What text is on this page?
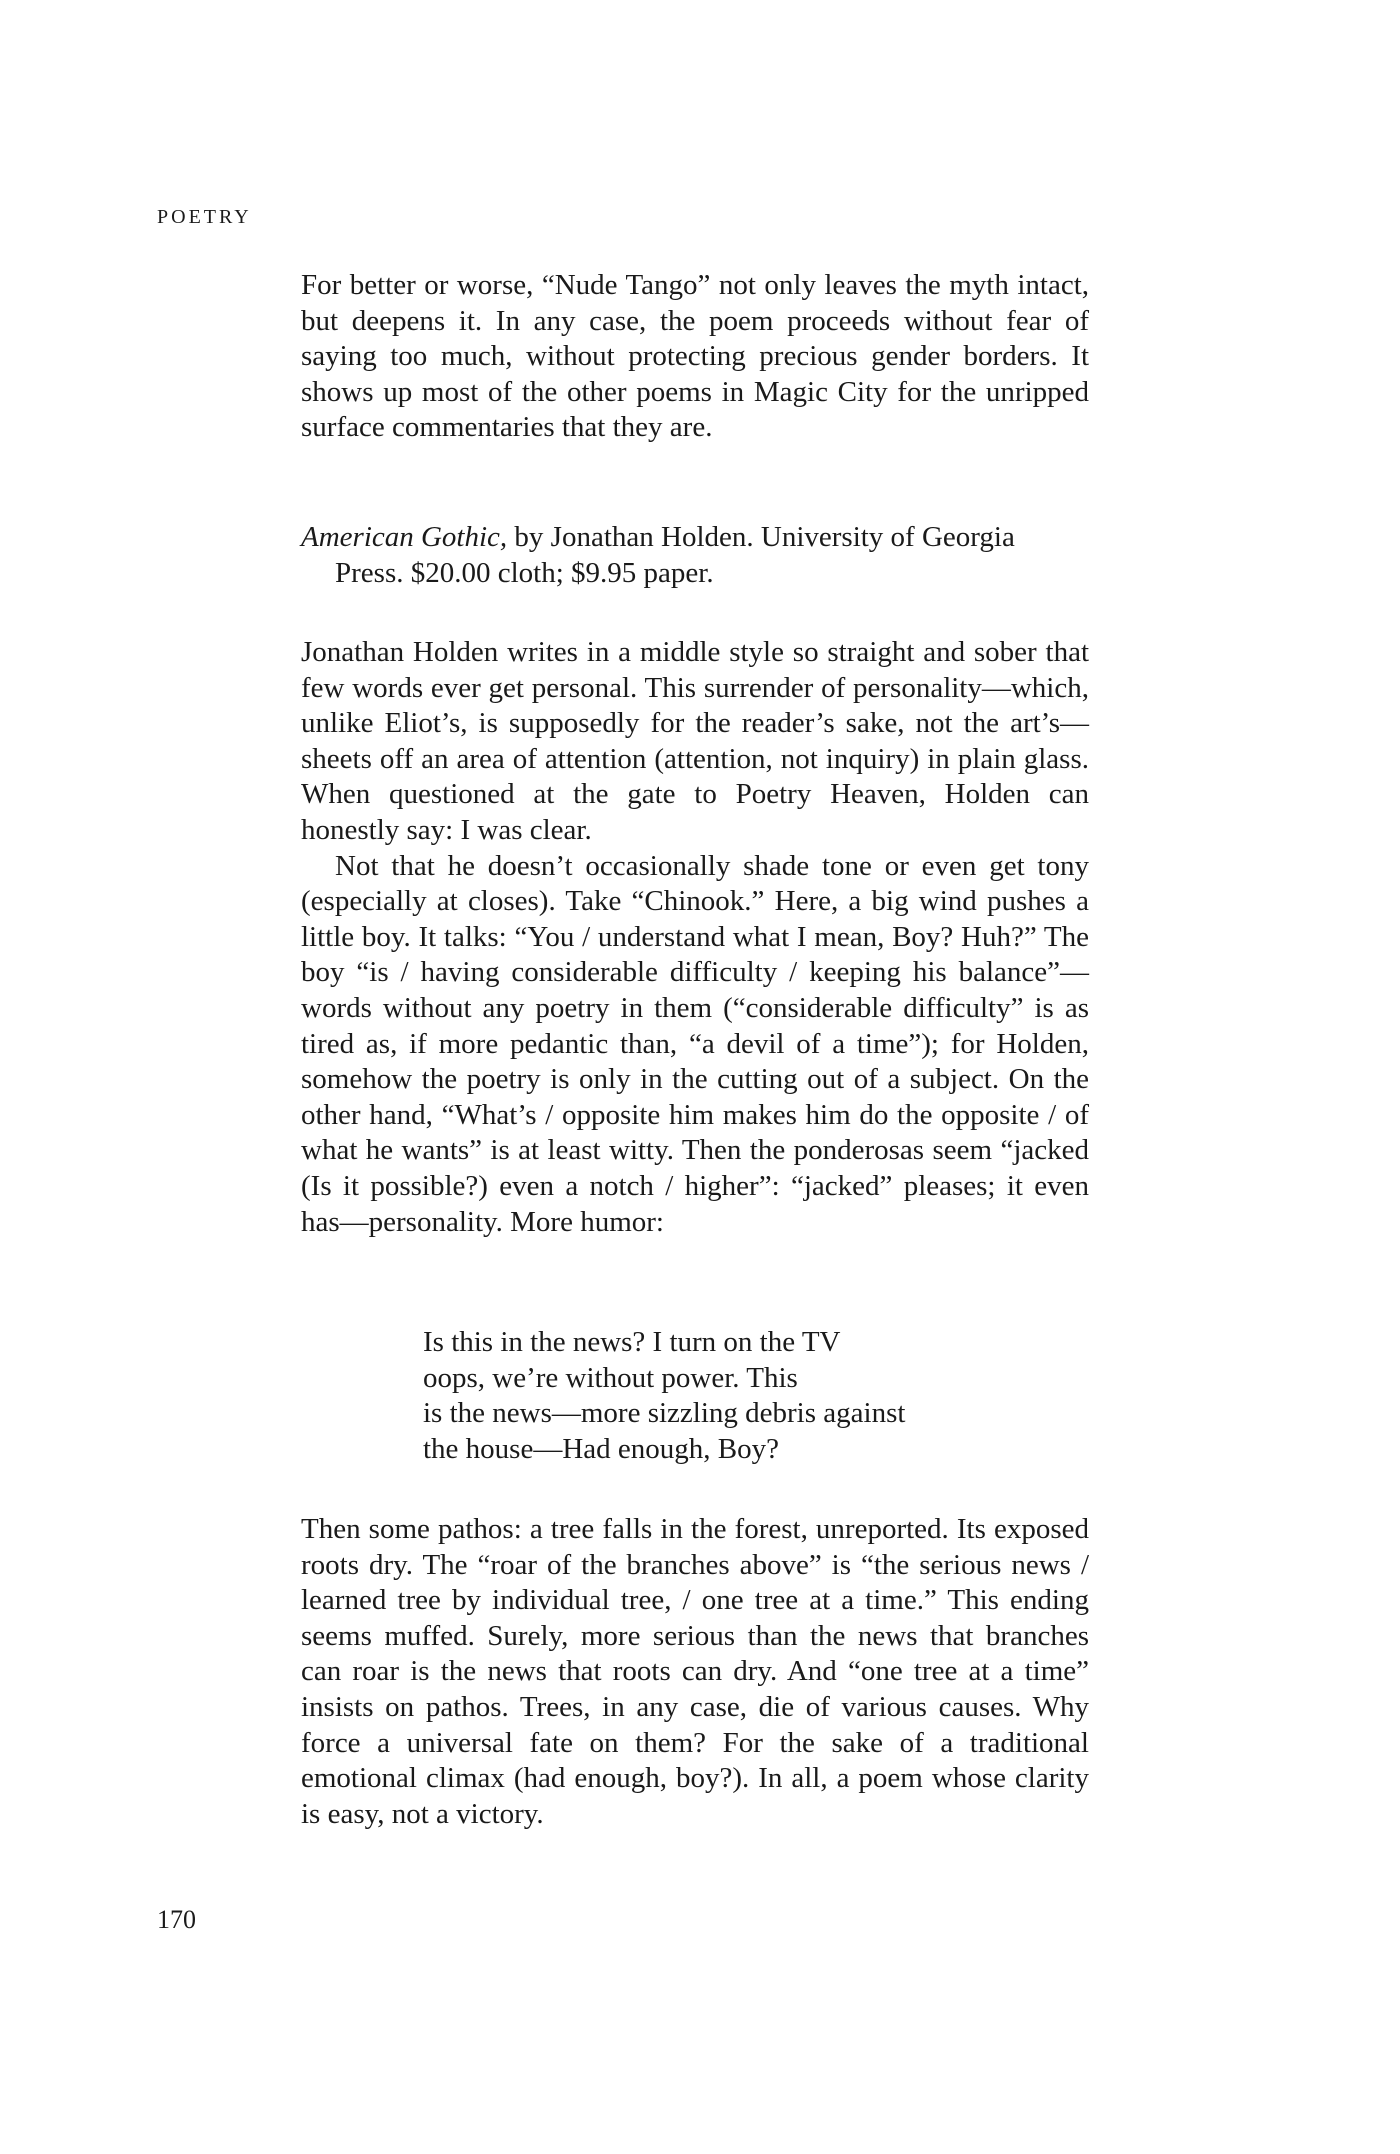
POETRY

For better or worse, “Nude Tango” not only leaves the myth intact, but deepens it. In any case, the poem proceeds without fear of saying too much, without protecting precious gender borders. It shows up most of the other poems in Magic City for the unripped surface commentaries that they are.

American Gothic, by Jonathan Holden. University of Georgia Press. $20.00 cloth; $9.95 paper.

Jonathan Holden writes in a middle style so straight and sober that few words ever get personal. This surrender of personality—which, unlike Eliot’s, is supposedly for the reader’s sake, not the art’s—sheets off an area of attention (attention, not inquiry) in plain glass. When questioned at the gate to Poetry Heaven, Holden can honestly say: I was clear.

Not that he doesn’t occasionally shade tone or even get tony (especially at closes). Take “Chinook.” Here, a big wind pushes a little boy. It talks: “You / understand what I mean, Boy? Huh?” The boy “is / having considerable difficulty / keeping his balance”—words without any poetry in them (“considerable difficulty” is as tired as, if more pedantic than, “a devil of a time”); for Holden, somehow the poetry is only in the cutting out of a subject. On the other hand, “What’s / opposite him makes him do the opposite / of what he wants” is at least witty. Then the ponderosas seem “jacked (Is it possible?) even a notch / higher”: “jacked” pleases; it even has—personality. More humor:

Is this in the news? I turn on the TV
oops, we’re without power. This
is the news—more sizzling debris against
the house—Had enough, Boy?

Then some pathos: a tree falls in the forest, unreported. Its exposed roots dry. The “roar of the branches above” is “the serious news / learned tree by individual tree, / one tree at a time.” This ending seems muffed. Surely, more serious than the news that branches can roar is the news that roots can dry. And “one tree at a time” insists on pathos. Trees, in any case, die of various causes. Why force a universal fate on them? For the sake of a traditional emotional climax (had enough, boy?). In all, a poem whose clarity is easy, not a victory.

170
